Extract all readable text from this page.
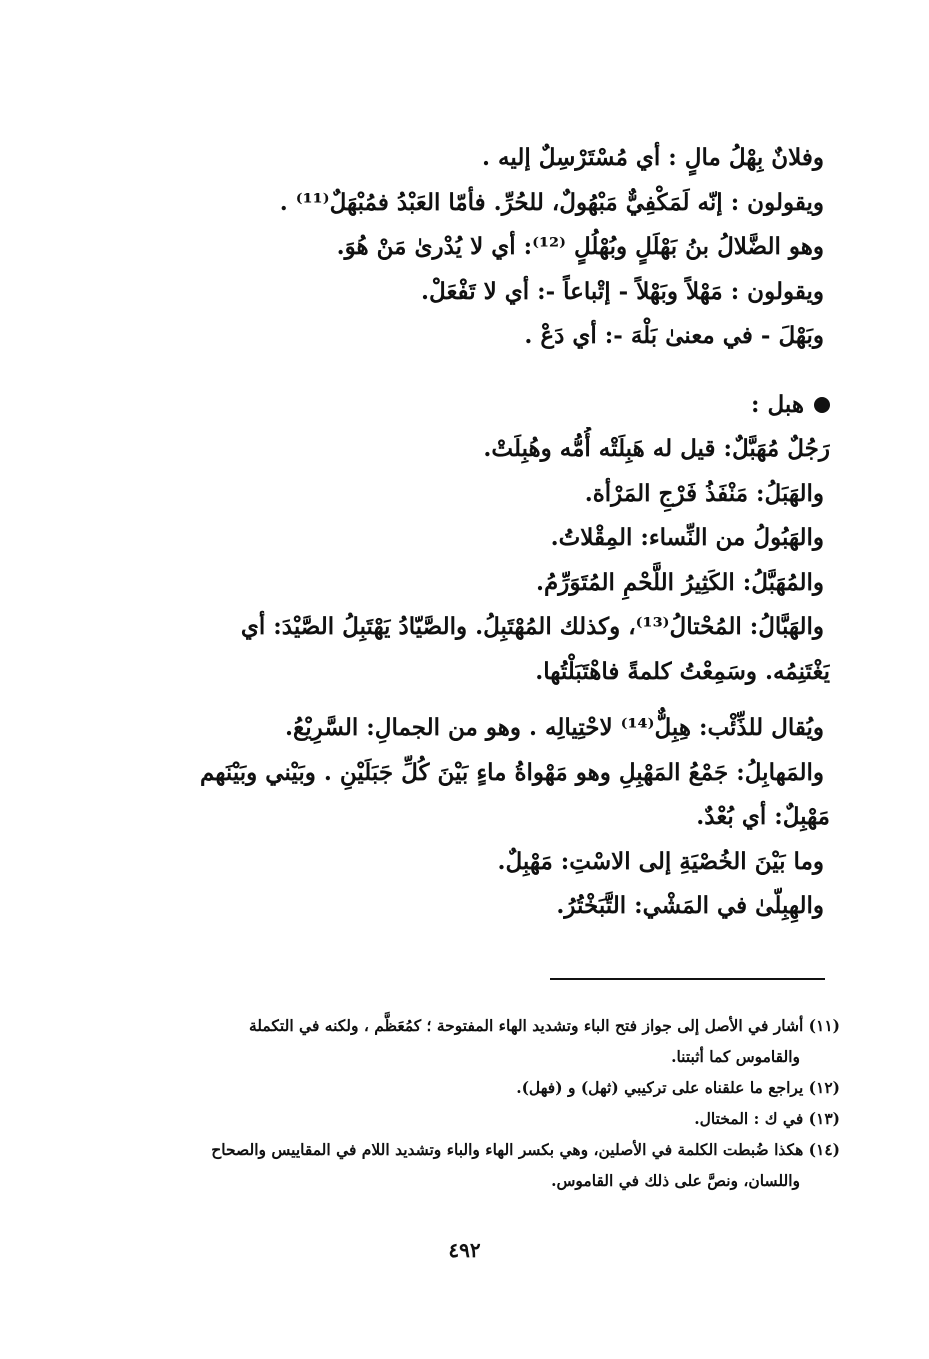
وفلانٌ بِهْلُ مالٍ : أي مُسْتَرْسِلٌ إليه .
ويقولون : إنّه لَمَكْفِيٌّ مَبْهُولٌ، للحُرِّ. فأمّا العَبْدُ فمُبْهَلٌ⁽¹¹⁾ .
وهو الضَّلالُ بنُ بَهْلَلٍ وبُهْلُلٍ ⁽¹²⁾: أي لا يُدْرىٰ مَنْ هُوَ.
ويقولون : مَهْلاً وبَهْلاً - إتْباعاً -: أي لا تَفْعَلْ.
وبَهْلَ - في معنىٰ بَلْهَ -: أي دَعْ .
هبل :
رَجُلٌ مُهَبَّلٌ: قيل له هَبِلَتْه أُمُّه وهُبِلَتْ.
والهَبَلُ: مَنْفَذُ فَرْجِ المَرْأة.
والهَبُولُ من النِّساء: المِقْلاتُ.
والمُهَبَّلُ: الكَثِيرُ اللَّحْمِ المُتَوَرِّمُ.
والهَبَّالُ: المُحْتالُ⁽¹³⁾، وكذلك المُهْتَبِلُ. والصَّيّادُ يَهْتَبِلُ الصَّيْدَ: أي
يَغْتَنِمُه. وسَمِعْتُ كلمةً فاهْتَبَلْتُها.
ويُقال للذِّئْب: هِبِلٌّ⁽¹⁴⁾ لاحْتِيالِه . وهو من الجمالِ: السَّرِيْعُ.
والمَهابِلُ: جَمْعُ المَهْبِلِ وهو مَهْواةُ ماءٍ بَيْنَ كُلِّ جَبَلَيْنِ . وبَيْني وبَيْنَهم
مَهْبِلٌ: أي بُعْدٌ.
وما بَيْنَ الخُصْيَةِ إلى الاسْتِ: مَهْبِلٌ.
والهِبِلّىٰ في المَشْي: التَّبَخْتُرُ.
(١١) أشار في الأصل إلى جواز فتح الباء وتشديد الهاء المفتوحة ؛ كمُعَظَّم ، ولكنه في التكملة
والقاموس كما أثبتنا.
(١٢) يراجع ما علقناه على تركيبي (ثهل) و (فهل).
(١٣) في ك : المختال.
(١٤) هكذا ضُبطت الكلمة في الأصلين، وهي بكسر الهاء والباء وتشديد اللام في المقاييس والصحاح
واللسان، ونصَّ على ذلك في القاموس.
٤٩٢
